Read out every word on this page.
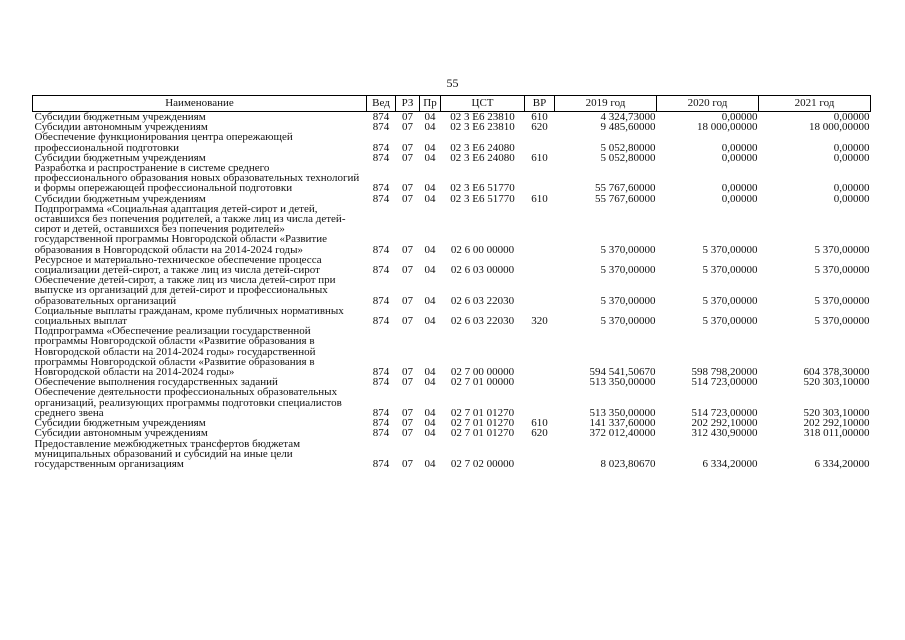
55
Наименование	Вед	РЗ	Пр	ЦСТ	ВР	2019 год	2020 год	2021 год
Субсидии бюджетным учреждениям	874	07	04	02 3 E6 23810	610	4 324,73000	0,00000	0,00000
Субсидии автономным учреждениям	874	07	04	02 3 E6 23810	620	9 485,60000	18 000,00000	18 000,00000
Обеспечение функционирования центра опережающей профессиональной подготовки	874	07	04	02 3 E6 24080		5 052,80000	0,00000	0,00000
Субсидии бюджетным учреждениям	874	07	04	02 3 E6 24080	610	5 052,80000	0,00000	0,00000
Разработка и распространение в системе среднего профессионального образования новых образовательных технологий и формы опережающей профессиональной подготовки	874	07	04	02 3 E6 51770		55 767,60000	0,00000	0,00000
Субсидии бюджетным учреждениям	874	07	04	02 3 E6 51770	610	55 767,60000	0,00000	0,00000
Подпрограмма «Социальная адаптация детей-сирот и детей, оставшихся без попечения родителей, а также лиц из числа детей-сирот и детей, оставшихся без попечения родителей» государственной программы Новгородской области «Развитие образования в Новгородской области на 2014-2024 годы»	874	07	04	02 6 00 00000		5 370,00000	5 370,00000	5 370,00000
Ресурсное и материально-техническое обеспечение процесса социализации детей-сирот, а также лиц из числа детей-сирот	874	07	04	02 6 03 00000		5 370,00000	5 370,00000	5 370,00000
Обеспечение детей-сирот, а также лиц из числа детей-сирот при выпуске из организаций для детей-сирот и профессиональных образовательных организаций	874	07	04	02 6 03 22030		5 370,00000	5 370,00000	5 370,00000
Социальные выплаты гражданам, кроме публичных нормативных социальных выплат	874	07	04	02 6 03 22030	320	5 370,00000	5 370,00000	5 370,00000
Подпрограмма «Обеспечение реализации государственной программы Новгородской области «Развитие образования в Новгородской области на 2014-2024 годы» государственной программы Новгородской области «Развитие образования в Новгородской области на 2014-2024 годы»	874	07	04	02 7 00 00000		594 541,50670	598 798,20000	604 378,30000
Обеспечение выполнения государственных заданий	874	07	04	02 7 01 00000		513 350,00000	514 723,00000	520 303,10000
Обеспечение деятельности профессиональных образовательных организаций, реализующих программы подготовки специалистов среднего звена	874	07	04	02 7 01 01270		513 350,00000	514 723,00000	520 303,10000
Субсидии бюджетным учреждениям	874	07	04	02 7 01 01270	610	141 337,60000	202 292,10000	202 292,10000
Субсидии автономным учреждениям	874	07	04	02 7 01 01270	620	372 012,40000	312 430,90000	318 011,00000
Предоставление межбюджетных трансфертов бюджетам муниципальных образований и субсидий на иные цели государственным организациям	874	07	04	02 7 02 00000		8 023,80670	6 334,20000	6 334,20000
